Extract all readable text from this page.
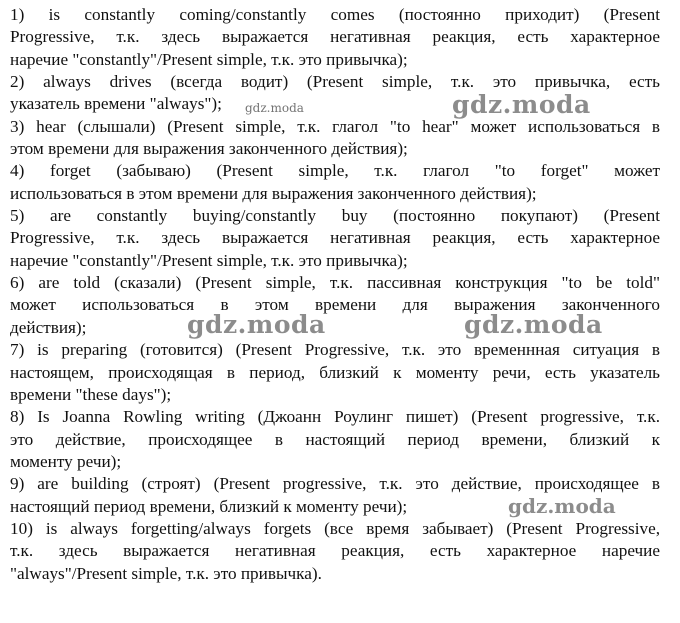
1) is constantly coming/constantly comes (постоянно приходит) (Present
Progressive, т.к. здесь выражается негативная реакция, есть характерное
наречие "constantly"/Present simple, т.к. это привычка);
2) always drives (всегда водит) (Present simple, т.к. это привычка, есть
указатель времени "always");
3) hear (слышали) (Present simple, т.к. глагол "to hear" может использоваться в
этом времени для выражения законченного действия);
4) forget (забываю) (Present simple, т.к. глагол "to forget" может
использоваться в этом времени для выражения законченного действия);
5) are constantly buying/constantly buy (постоянно покупают) (Present
Progressive, т.к. здесь выражается негативная реакция, есть характерное
наречие "constantly"/Present simple, т.к. это привычка);
6) are told (сказали) (Present simple, т.к. пассивная конструкция "to be told"
может использоваться в этом времени для выражения законченного
действия);
7) is preparing (готовится) (Present Progressive, т.к. это временнная ситуация в
настоящем, происходящая в период, близкий к моменту речи, есть указатель
времени "these days");
8) Is Joanna Rowling writing (Джоанн Роулинг пишет) (Present progressive, т.к.
это действие, происходящее в настоящий период времени, близкий к
моменту речи);
9) are building (строят) (Present progressive, т.к. это действие, происходящее в
настоящий период времени, близкий к моменту речи);
10) is always forgetting/always forgets (все время забывает) (Present Progressive,
т.к. здесь выражается негативная реакция, есть характерное наречие
"always"/Present simple, т.к. это привычка).
gdz.moda	gdz.moda
gdz.moda	gdz.moda
gdz.moda
